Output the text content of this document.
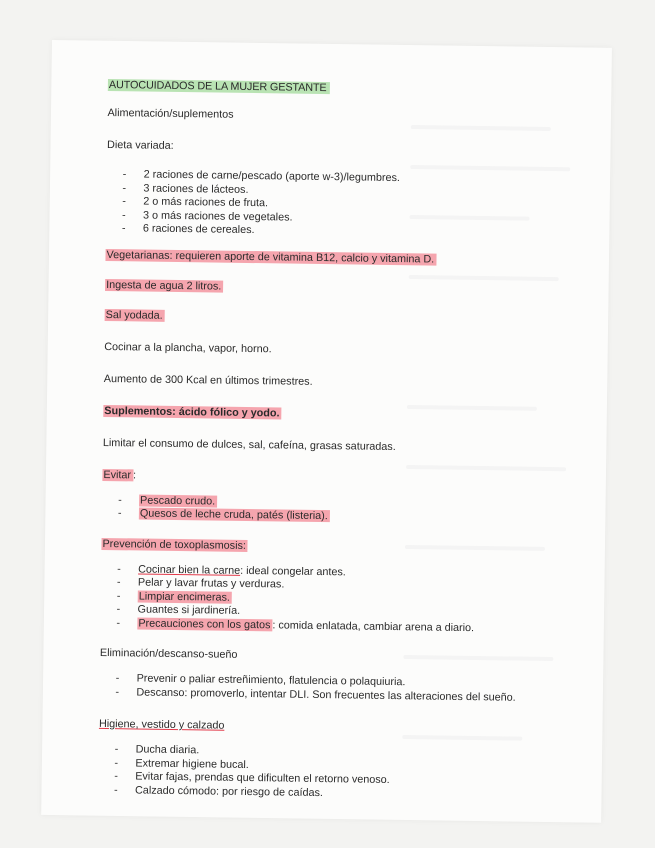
AUTOCUIDADOS DE LA MUJER GESTANTE

Alimentación/suplementos

Dieta variada:

- 2 raciones de carne/pescado (aporte w-3)/legumbres.
- 3 raciones de lácteos.
- 2 o más raciones de fruta.
- 3 o más raciones de vegetales.
- 6 raciones de cereales.

Vegetarianas: requieren aporte de vitamina B12, calcio y vitamina D.

Ingesta de agua 2 litros.

Sal yodada.

Cocinar a la plancha, vapor, horno.

Aumento de 300 Kcal en últimos trimestres.

Suplementos: ácido fólico y yodo.

Limitar el consumo de dulces, sal, cafeína, grasas saturadas.

Evitar :

- Pescado crudo.
- Quesos de leche cruda, patés (listeria).

Prevención de toxoplasmosis:

- Cocinar bien la carne: ideal congelar antes.
- Pelar y lavar frutas y verduras.
- Limpiar encimeras.
- Guantes si jardinería.
- Precauciones con los gatos : comida enlatada, cambiar arena a diario.

Eliminación/descanso-sueño

- Prevenir o paliar estreñimiento, flatulencia o polaquiuria.
- Descanso: promoverlo, intentar DLI. Son frecuentes las alteraciones del sueño.

Higiene, vestido y calzado

- Ducha diaria.
- Extremar higiene bucal.
- Evitar fajas, prendas que dificulten el retorno venoso.
- Calzado cómodo: por riesgo de caídas.
